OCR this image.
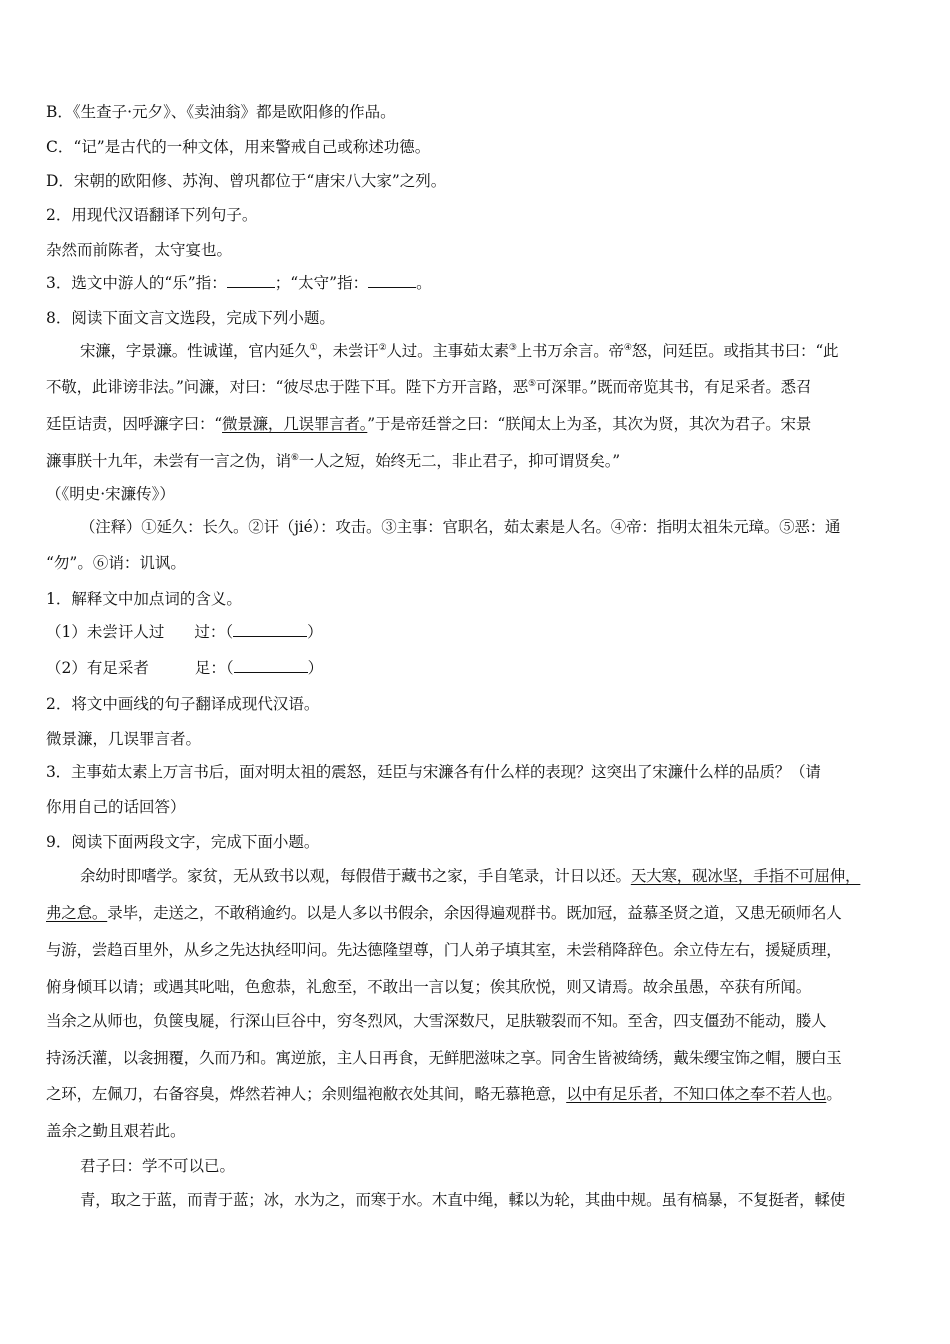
B．《生查子·元夕》、《卖油翁》都是欧阳修的作品。
C．“记”是古代的一种文体，用来警戒自己或称述功德。
D．宋朝的欧阳修、苏洵、曾巩都位于“唐宋八大家”之列。
2．用现代汉语翻译下列句子。
杂然而前陈者，太守宴也。
3．选文中游人的“乐”指：	；“太守”指：	。
8．阅读下面文言文选段，完成下列小题。
宋濂，字景濂。性诚谨，官内延久①，未尝讦②人过。主事茹太素③上书万余言。帝④怒，问廷臣。或指其书曰：“此
不敬，此诽谤非法。”问濂，对曰：“彼尽忠于陛下耳。陛下方开言路，恶⑤可深罪。”既而帝览其书，有足采者。悉召
廷臣诘责，因呼濂字曰：“微景濂，几误罪言者。”于是帝廷誉之曰：“朕闻太上为圣，其次为贤，其次为君子。宋景
濂事朕十九年，未尝有一言之伪，诮⑥一人之短，始终无二，非止君子，抑可谓贤矣。”
（《明史·宋濂传》）
（注释）①延久：长久。②讦（jié）：攻击。③主事：官职名，茹太素是人名。④帝：指明太祖朱元璋。⑤恶：通
“勿”。⑥诮：讥讽。
1．解释文中加点词的含义。
（1）未尝讦人过 过：（	）
（2）有足采者	足：（	）
2．将文中画线的句子翻译成现代汉语。
微景濂，几误罪言者。
3．主事茹太素上万言书后，面对明太祖的震怒，廷臣与宋濂各有什么样的表现？这突出了宋濂什么样的品质？（请
你用自己的话回答）
9．阅读下面两段文字，完成下面小题。
余幼时即嗜学。家贫，无从致书以观，每假借于藏书之家，手自笔录，计日以还。天大寒，砚冰坚，手指不可屈伸，
弗之怠。录毕，走送之，不敢稍逾约。以是人多以书假余，余因得遍观群书。既加冠，益慕圣贤之道，又患无硕师名人
与游，尝趋百里外，从乡之先达执经叩问。先达德隆望尊，门人弟子填其室，未尝稍降辞色。余立侍左右，援疑质理，
俯身倾耳以请；或遇其叱咄，色愈恭，礼愈至，不敢出一言以复；俟其欣悦，则又请焉。故余虽愚，卒获有所闻。
当余之从师也，负箧曳屣，行深山巨谷中，穷冬烈风，大雪深数尺，足肤皲裂而不知。至舍，四支僵劲不能动，媵人
持汤沃灌，以衾拥覆，久而乃和。寓逆旅，主人日再食，无鲜肥滋味之享。同舍生皆被绮绣，戴朱缨宝饰之帽，腰白玉
之环，左佩刀，右备容臭，烨然若神人；余则缊袍敝衣处其间，略无慕艳意，以中有足乐者，不知口体之奉不若人也。
盖余之勤且艰若此。
君子曰：学不可以已。
青，取之于蓝，而青于蓝；冰，水为之，而寒于水。木直中绳，輮以为轮，其曲中规。虽有槁暴，不复挺者，輮使
